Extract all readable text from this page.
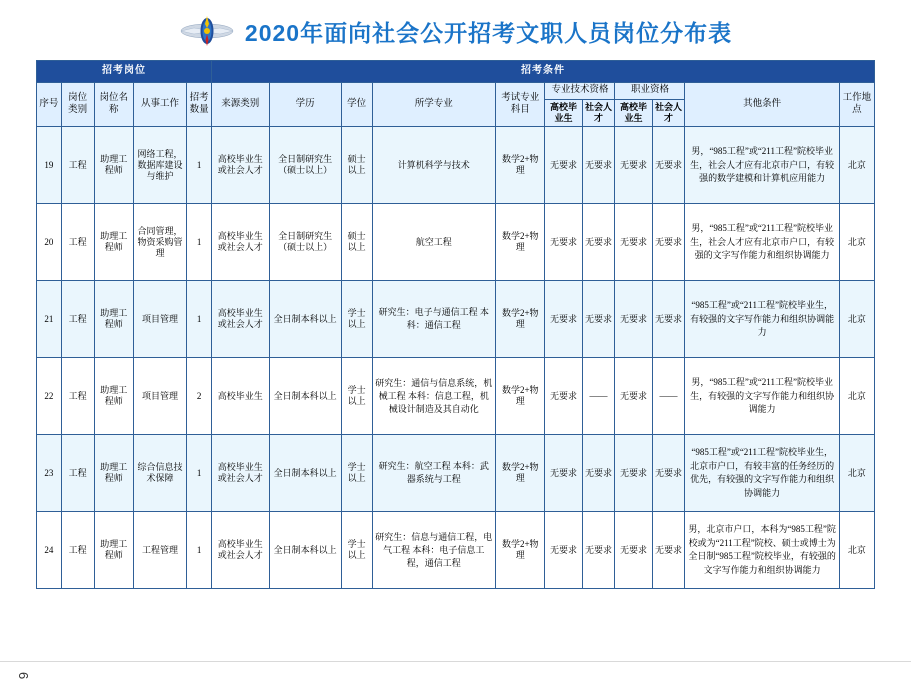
2020年面向社会公开招考文职人员岗位分布表
招考岗位					招考条件										
序号	岗位类别	岗位名称	从事工作	招考数量	来源类别	学历	学位	所学专业	考试专业科目	专业技术资格		职业资格		其他条件	工作地点
										高校毕业生	社会人才	高校毕业生	社会人才		
19	工程	助理工程师	网络工程，数据库建设与维护	1	高校毕业生或社会人才	全日制研究生（硕士以上）	硕士以上	计算机科学与技术	数学2+物理	无要求	无要求	无要求	无要求	男，“985工程”或“211工程”院校毕业生，社会人才应有北京市户口，有较强的数学建模和计算机应用能力	北京
20	工程	助理工程师	合同管理，物资采购管理	1	高校毕业生或社会人才	全日制研究生（硕士以上）	硕士以上	航空工程	数学2+物理	无要求	无要求	无要求	无要求	男，“985工程”或“211工程”院校毕业生，社会人才应有北京市户口，有较强的文字写作能力和组织协调能力	北京
21	工程	助理工程师	项目管理	1	高校毕业生或社会人才	全日制本科以上	学士以上	研究生：电子与通信工程 本科：通信工程	数学2+物理	无要求	无要求	无要求	无要求	“985工程”或“211工程”院校毕业生，有较强的文字写作能力和组织协调能力	北京
22	工程	助理工程师	项目管理	2	高校毕业生	全日制本科以上	学士以上	研究生：通信与信息系统，机械工程 本科：信息工程，机械设计制造及其自动化	数学2+物理	无要求	——	无要求	——	男，“985工程”或“211工程”院校毕业生，有较强的文字写作能力和组织协调能力	北京
23	工程	助理工程师	综合信息技术保障	1	高校毕业生或社会人才	全日制本科以上	学士以上	研究生：航空工程 本科：武器系统与工程	数学2+物理	无要求	无要求	无要求	无要求	“985工程”或“211工程”院校毕业生，北京市户口，有较丰富的任务经历的优先，有较强的文字写作能力和组织协调能力	北京
24	工程	助理工程师	工程管理	1	高校毕业生或社会人才	全日制本科以上	学士以上	研究生：信息与通信工程，电气工程 本科：电子信息工程，通信工程	数学2+物理	无要求	无要求	无要求	无要求	男，北京市户口，本科为“985工程”院校或为“211工程”院校、硕士或博士为全日制“985工程”院校毕业，有较强的文字写作能力和组织协调能力	北京
6
